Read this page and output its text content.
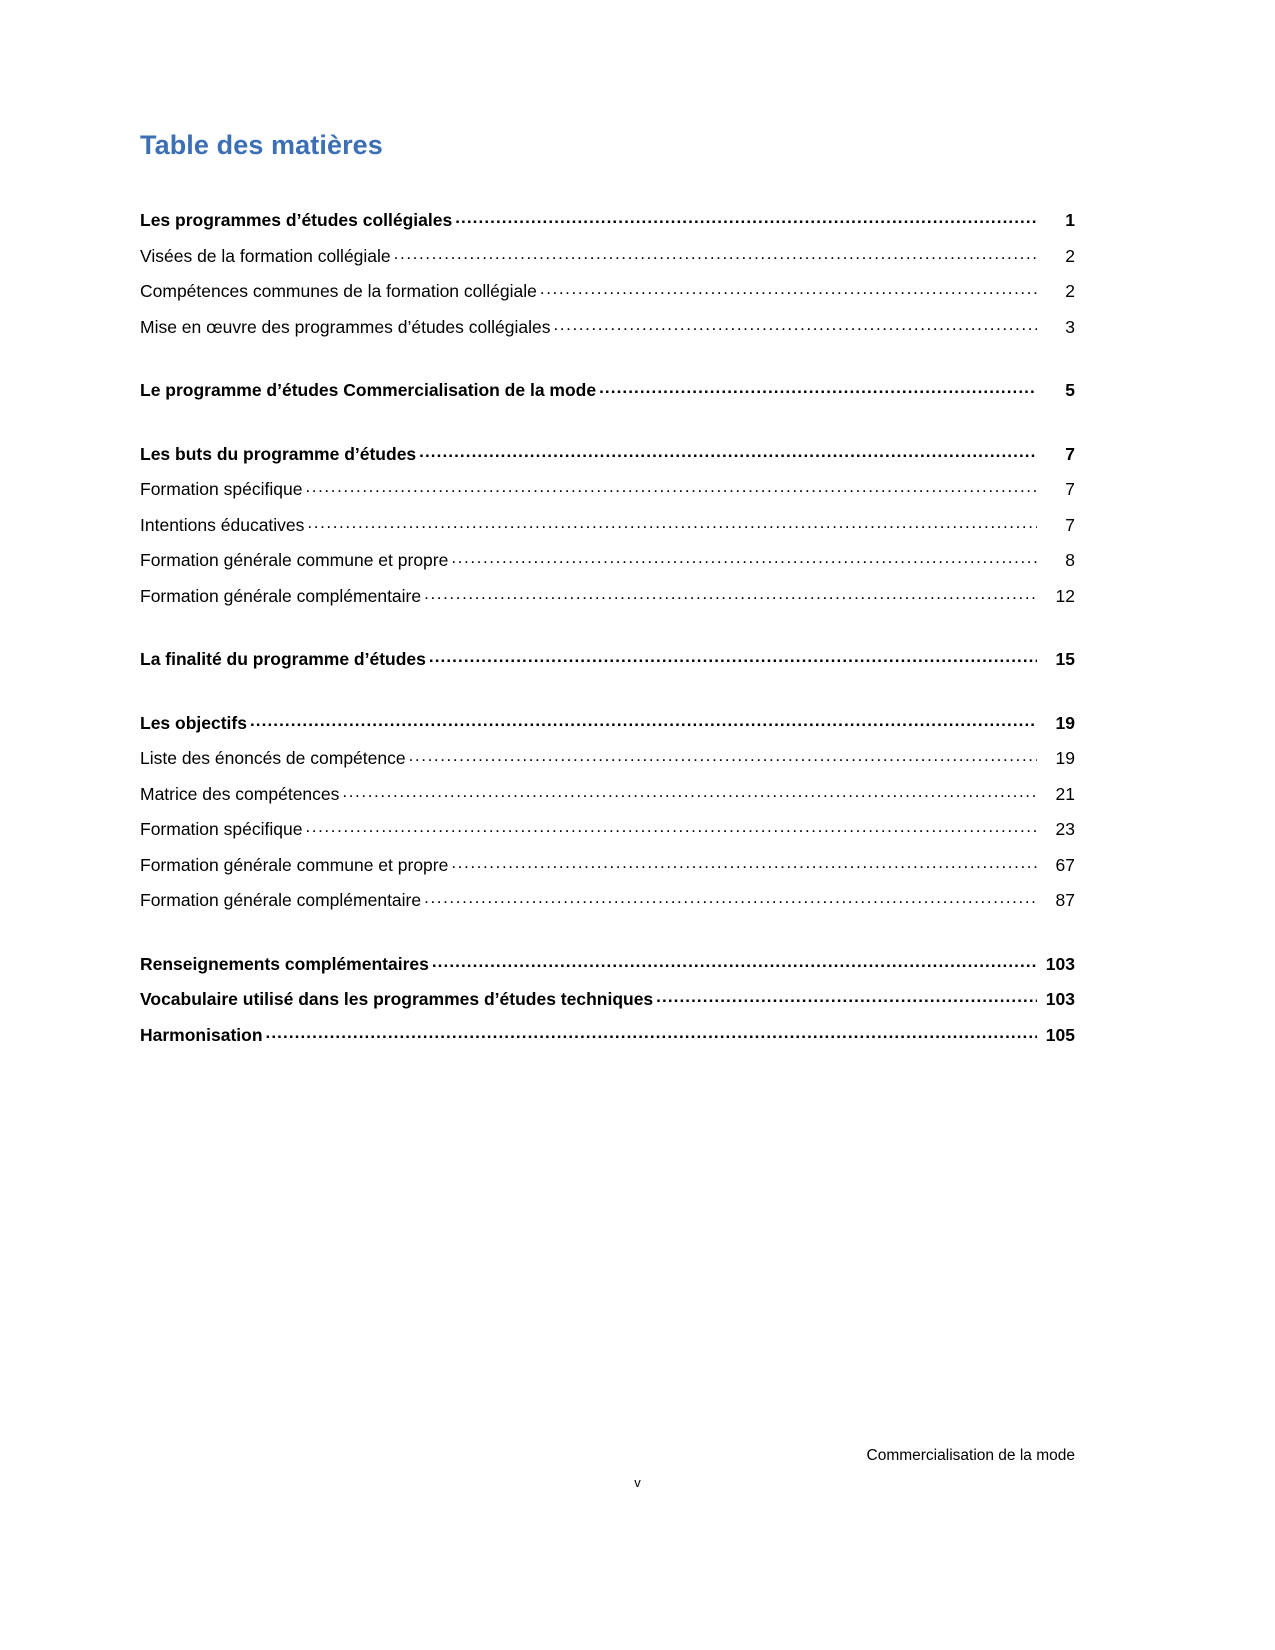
Table des matières
Les programmes d’études collégiales .....	1
Visées de la formation collégiale .....	2
Compétences communes de la formation collégiale .....	2
Mise en œuvre des programmes d’études collégiales .....	3
Le programme d’études Commercialisation de la mode .....	5
Les buts du programme d’études .....	7
Formation spécifique .....	7
Intentions éducatives .....	7
Formation générale commune et propre .....	8
Formation générale complémentaire .....	12
La finalité du programme d’études .....	15
Les objectifs .....	19
Liste des énoncés de compétence .....	19
Matrice des compétences .....	21
Formation spécifique .....	23
Formation générale commune et propre .....	67
Formation générale complémentaire .....	87
Renseignements complémentaires .....	103
Vocabulaire utilisé dans les programmes d’études techniques .....	103
Harmonisation .....	105
Commercialisation de la mode
v
